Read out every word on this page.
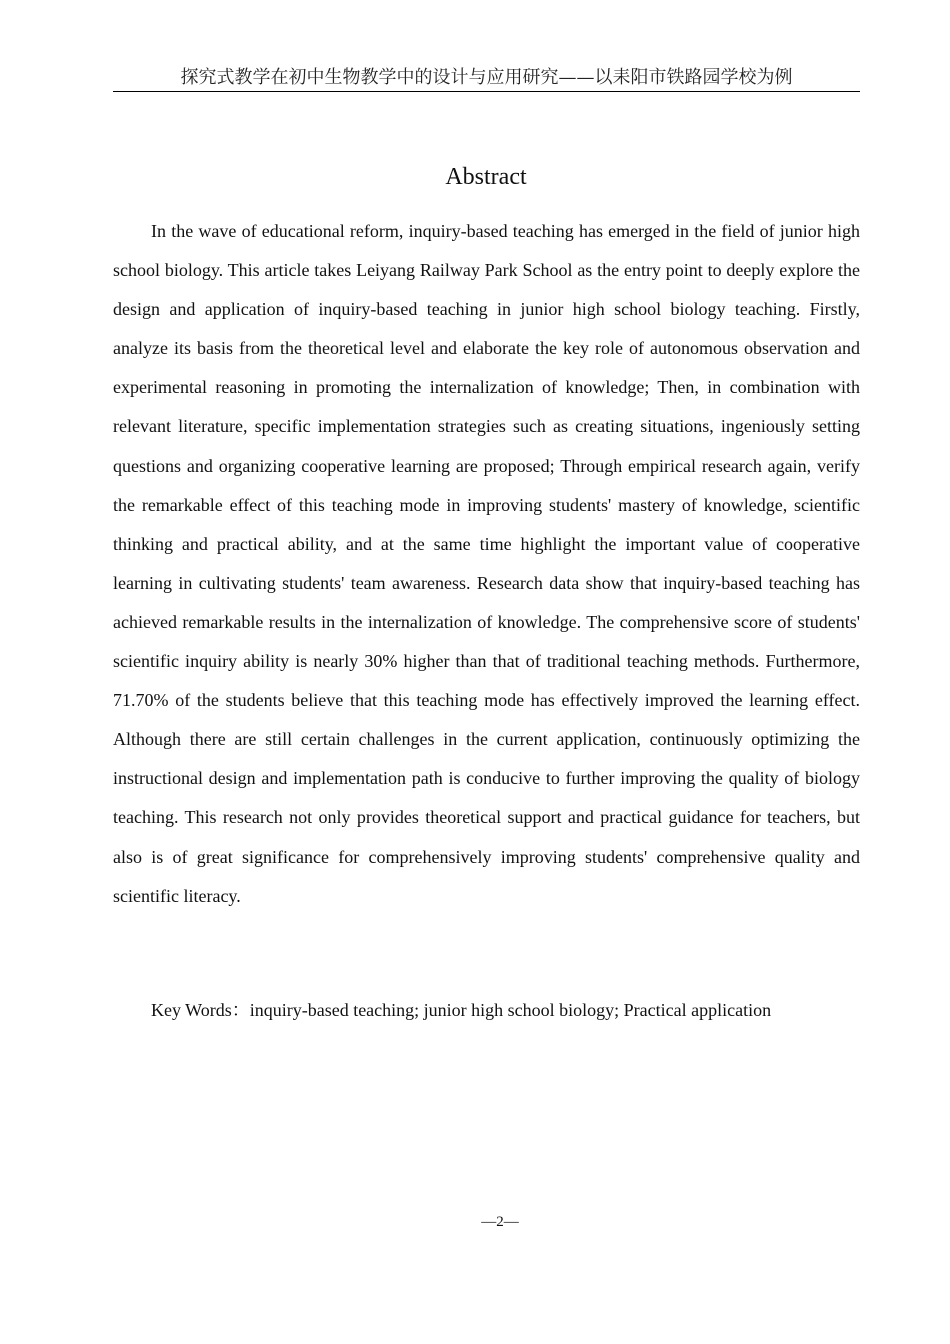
探究式教学在初中生物教学中的设计与应用研究——以耒阳市铁路园学校为例
Abstract

In the wave of educational reform, inquiry-based teaching has emerged in the field of junior high school biology. This article takes Leiyang Railway Park School as the entry point to deeply explore the design and application of inquiry-based teaching in junior high school biology teaching. Firstly, analyze its basis from the theoretical level and elaborate the key role of autonomous observation and experimental reasoning in promoting the internalization of knowledge; Then, in combination with relevant literature, specific implementation strategies such as creating situations, ingeniously setting questions and organizing cooperative learning are proposed; Through empirical research again, verify the remarkable effect of this teaching mode in improving students' mastery of knowledge, scientific thinking and practical ability, and at the same time highlight the important value of cooperative learning in cultivating students' team awareness. Research data show that inquiry-based teaching has achieved remarkable results in the internalization of knowledge. The comprehensive score of students' scientific inquiry ability is nearly 30% higher than that of traditional teaching methods. Furthermore, 71.70% of the students believe that this teaching mode has effectively improved the learning effect. Although there are still certain challenges in the current application, continuously optimizing the instructional design and implementation path is conducive to further improving the quality of biology teaching. This research not only provides theoretical support and practical guidance for teachers, but also is of great significance for comprehensively improving students' comprehensive quality and scientific literacy.

Key Words：inquiry-based teaching; junior high school biology; Practical application
—2—
